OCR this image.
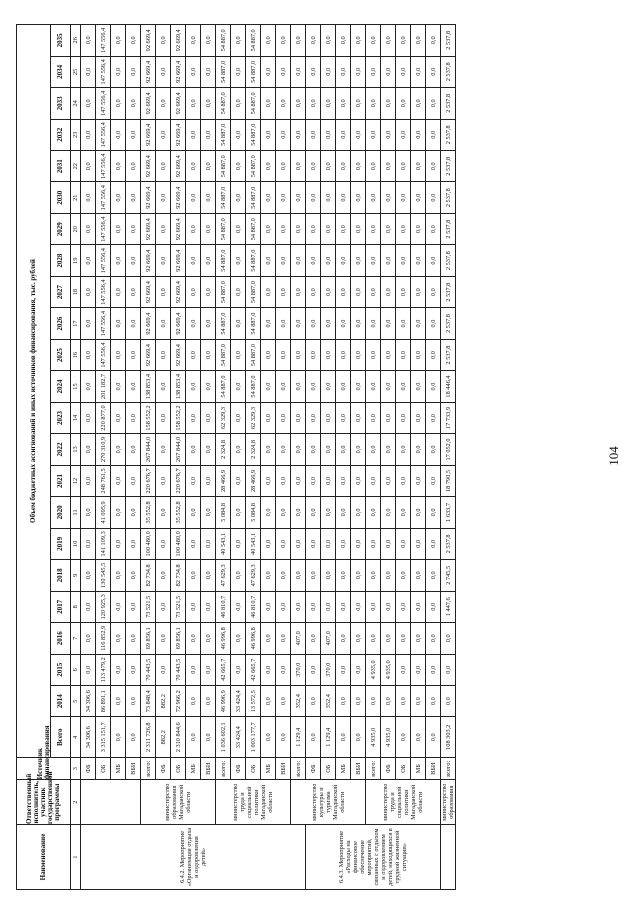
104
Наименование	Ответственный исполнитель, участник государственной программы	Источник финансирования	Объем бюджетных ассигнований и иных источников финансирования, тыс. рублей																						
			Всего	2014	2015	2016	2017	2018	2019	2020	2021	2022	2023	2024	2025	2026	2027	2028	2029	2030	2031	2032	2033	2034	2035
1	2	3	4	5	6	7	8	9	10	11	12	13	14	15	16	17	18	19	20	21	22	23	24	25	26
6.4.2. Мероприятие «Организация отдыха и оздоровления детей»		ФБ	34 306,6	34 306,6	0,0	0,0	0,0	0,0	0,0	0,0	0,0	0,0	0,0	0,0	0,0	0,0	0,0	0,0	0,0	0,0	0,0	0,0	0,0	0,0	0,0
		ОБ	3 315 151,7	86 891,1	113 479,2	116 852,9	120 925,3	130 545,5	141 109,3	41 095,9	248 761,5	270 310,9	220 877,0	201 182,7	147 556,4	147 556,4	147 556,4	147 556,4	147 556,4	147 556,4	147 556,4	147 556,4	147 556,4	147 556,4	147 556,4
		МБ	0,0	0,0	0,0	0,0	0,0	0,0	0,0	0,0	0,0	0,0	0,0	0,0	0,0	0,0	0,0	0,0	0,0	0,0	0,0	0,0	0,0	0,0	0,0
		ВБИ	0,0	0,0	0,0	0,0	0,0	0,0	0,0	0,0	0,0	0,0	0,0	0,0	0,0	0,0	0,0	0,0	0,0	0,0	0,0	0,0	0,0	0,0	0,0
	министерство образования Магаданской области	всего:	2 311 726,8	73 848,4	70 443,5	69 856,1	73 521,5	82 734,8	100 480,0	35 552,8	220 676,7	267 844,0	158 552,2	138 853,4	92 669,4	92 669,4	92 669,4	92 669,4	92 669,4	92 669,4	92 669,4	92 669,4	92 669,4	92 669,4	92 669,4
		ФБ	882,2	882,2	0,0	0,0	0,0	0,0	0,0	0,0	0,0	0,0	0,0	0,0	0,0	0,0	0,0	0,0	0,0	0,0	0,0	0,0	0,0	0,0	0,0
		ОБ	2 310 844,6	72 966,2	70 443,5	69 856,1	73 521,5	82 734,8	100 480,0	35 552,8	220 676,7	267 844,0	158 552,2	138 853,4	92 669,4	92 669,4	92 669,4	92 669,4	92 669,4	92 669,4	92 669,4	92 669,4	92 669,4	92 669,4	92 669,4
		МБ	0,0	0,0	0,0	0,0	0,0	0,0	0,0	0,0	0,0	0,0	0,0	0,0	0,0	0,0	0,0	0,0	0,0	0,0	0,0	0,0	0,0	0,0	0,0
		ВБИ	0,0	0,0	0,0	0,0	0,0	0,0	0,0	0,0	0,0	0,0	0,0	0,0	0,0	0,0	0,0	0,0	0,0	0,0	0,0	0,0	0,0	0,0	0,0
	министерство труда и социальной политики Магаданской области	всего:	1 036 602,1	46 996,9	42 665,7	46 996,8	46 810,7	47 629,3	40 543,1	5 084,8	28 466,9	2 324,8	62 329,3	54 887,0	54 887,0	54 887,0	54 887,0	54 887,0	54 887,0	54 887,0	54 887,0	54 887,0	54 887,0	54 887,0	54 887,0
		ФБ	33 424,4	33 424,4	0,0	0,0	0,0	0,0	0,0	0,0	0,0	0,0	0,0	0,0	0,0	0,0	0,0	0,0	0,0	0,0	0,0	0,0	0,0	0,0	0,0
		ОБ	1 003 177,7	13 572,5	42 665,7	46 996,8	46 810,7	47 629,3	40 543,1	5 084,8	28 466,9	2 324,8	62 329,3	54 887,0	54 887,0	54 887,0	54 887,0	54 887,0	54 887,0	54 887,0	54 887,0	54 887,0	54 887,0	54 887,0	54 887,0
		МБ	0,0	0,0	0,0	0,0	0,0	0,0	0,0	0,0	0,0	0,0	0,0	0,0	0,0	0,0	0,0	0,0	0,0	0,0	0,0	0,0	0,0	0,0	0,0
		ВБИ	0,0	0,0	0,0	0,0	0,0	0,0	0,0	0,0	0,0	0,0	0,0	0,0	0,0	0,0	0,0	0,0	0,0	0,0	0,0	0,0	0,0	0,0	0,0
	министерство культуры и туризма Магаданской области	всего:	1 129,4	352,4	370,0	407,0	0,0	0,0	0,0	0,0	0,0	0,0	0,0	0,0	0,0	0,0	0,0	0,0	0,0	0,0	0,0	0,0	0,0	0,0	0,0
6.4.3. Мероприятие «Расходы на финансовое обеспечение мероприятий, связанных с отдыхом и оздоровлением детей, находящихся в трудной жизненной ситуации»		ФБ	0,0	0,0	0,0	0,0	0,0	0,0	0,0	0,0	0,0	0,0	0,0	0,0	0,0	0,0	0,0	0,0	0,0	0,0	0,0	0,0	0,0	0,0	0,0
		ОБ	1 129,4	352,4	370,0	407,0	0,0	0,0	0,0	0,0	0,0	0,0	0,0	0,0	0,0	0,0	0,0	0,0	0,0	0,0	0,0	0,0	0,0	0,0	0,0
		МБ	0,0	0,0	0,0	0,0	0,0	0,0	0,0	0,0	0,0	0,0	0,0	0,0	0,0	0,0	0,0	0,0	0,0	0,0	0,0	0,0	0,0	0,0	0,0
		ВБИ	0,0	0,0	0,0	0,0	0,0	0,0	0,0	0,0	0,0	0,0	0,0	0,0	0,0	0,0	0,0	0,0	0,0	0,0	0,0	0,0	0,0	0,0	0,0
	министерство труда и социальной политики Магаданской области	всего:	4 935,0	0,0	4 935,0	0,0	0,0	0,0	0,0	0,0	0,0	0,0	0,0	0,0	0,0	0,0	0,0	0,0	0,0	0,0	0,0	0,0	0,0	0,0	0,0
		ФБ	4 935,0	0,0	4 935,0	0,0	0,0	0,0	0,0	0,0	0,0	0,0	0,0	0,0	0,0	0,0	0,0	0,0	0,0	0,0	0,0	0,0	0,0	0,0	0,0
		ОБ	0,0	0,0	0,0	0,0	0,0	0,0	0,0	0,0	0,0	0,0	0,0	0,0	0,0	0,0	0,0	0,0	0,0	0,0	0,0	0,0	0,0	0,0	0,0
		МБ	0,0	0,0	0,0	0,0	0,0	0,0	0,0	0,0	0,0	0,0	0,0	0,0	0,0	0,0	0,0	0,0	0,0	0,0	0,0	0,0	0,0	0,0	0,0
		ВБИ	0,0	0,0	0,0	0,0	0,0	0,0	0,0	0,0	0,0	0,0	0,0	0,0	0,0	0,0	0,0	0,0	0,0	0,0	0,0	0,0	0,0	0,0	0,0
	министерство образования	всего:	108 303,2	0,0	0,0	0,0	1 447,6	2 745,5	2 537,8	1 633,7	18 790,5	17 052,0	17 733,9	18 446,4	2 537,8	2 537,8	2 537,8	2 537,8	2 537,8	2 537,8	2 537,8	2 537,8	2 537,8	2 537,8	2 537,8
